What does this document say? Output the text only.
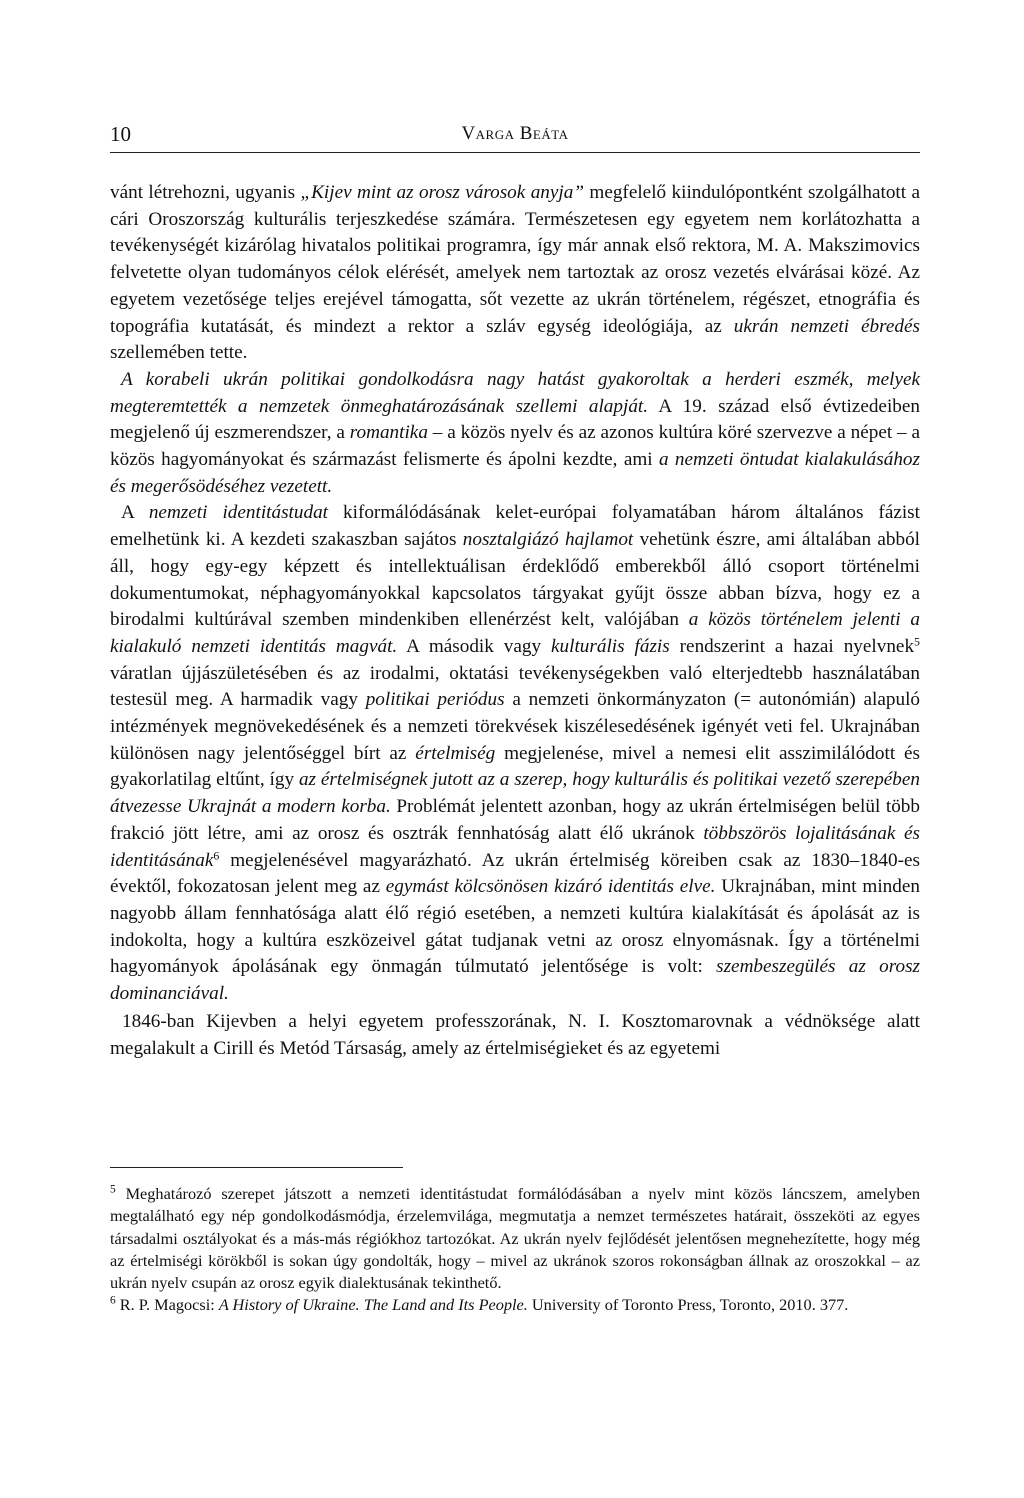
10	Varga Beáta

vánt létrehozni, ugyanis „Kijev mint az orosz városok anyja” megfelelő kiindulópontként szolgálhatott a cári Oroszország kulturális terjeszkedése számára. Természetesen egy egyetem nem korlátozhatta a tevékenységét kizárólag hivatalos politikai programra, így már annak első rektora, M. A. Makszimovics felvetette olyan tudományos célok elérését, amelyek nem tartoztak az orosz vezetés elvárásai közé. Az egyetem vezetősége teljes erejével támogatta, sőt vezette az ukrán történelem, régészet, etnográfia és topográfia kutatását, és mindezt a rektor a szláv egység ideológiája, az ukrán nemzeti ébredés szellemében tette.

A korabeli ukrán politikai gondolkodásra nagy hatást gyakoroltak a herderi eszmék, melyek megteremtették a nemzetek önmeghatározásának szellemi alapját. A 19. század első évtizedeiben megjelenő új eszmerendszer, a romantika – a közös nyelv és az azonos kultúra köré szervezve a népet – a közös hagyományokat és származást felismerte és ápolni kezdte, ami a nemzeti öntudat kialakulásához és megerősödéséhez vezetett.

A nemzeti identitástudat kiformálódásának kelet-európai folyamatában három általános fázist emelhetünk ki. A kezdeti szakaszban sajátos nosztalgiázó hajlamot vehetünk észre, ami általában abból áll, hogy egy-egy képzett és intellektuálisan érdeklődő emberekből álló csoport történelmi dokumentumokat, néphagyományokkal kapcsolatos tárgyakat gyűjt össze abban bízva, hogy ez a birodalmi kultúrával szemben mindenkiben ellenérzést kelt, valójában a közös történelem jelenti a kialakuló nemzeti identitás magvát. A második vagy kulturális fázis rendszerint a hazai nyelvnek$^5$ váratlan újjászületésében és az irodalmi, oktatási tevékenységekben való elterjedtebb használatában testesül meg. A harmadik vagy politikai periódus a nemzeti önkormányzaton (= autonómián) alapuló intézmények megnövekedésének és a nemzeti törekvések kiszélesedésének igényét veti fel. Ukrajnában különösen nagy jelentőséggel bírt az értelmiség megjelenése, mivel a nemesi elit asszimilálódott és gyakorlatilag eltűnt, így az értelmiségnek jutott az a szerep, hogy kulturális és politikai vezető szerepében átvezesse Ukrajnát a modern korba. Problémát jelentett azonban, hogy az ukrán értelmiségen belül több frakció jött létre, ami az orosz és osztrák fennhatóság alatt élő ukránok többszörös lojalitásának és identitásának$^6$ megjelenésével magyarázható. Az ukrán értelmiség köreiben csak az 1830–1840-es évektől, fokozatosan jelent meg az egymást kölcsönösen kizáró identitás elve. Ukrajnában, mint minden nagyobb állam fennhatósága alatt élő régió esetében, a nemzeti kultúra kialakítását és ápolását az is indokolta, hogy a kultúra eszközeivel gátat tudjanak vetni az orosz elnyomásnak. Így a történelmi hagyományok ápolásának egy önmagán túlmutató jelentősége is volt: szembeszegülés az orosz dominanciával.

1846-ban Kijevben a helyi egyetem professzorának, N. I. Kosztomarovnak a védnöksége alatt megalakult a Cirill és Metód Társaság, amely az értelmiségieket és az egyetemi

$^5$ Meghatározó szerepet játszott a nemzeti identitástudat formálódásában a nyelv mint közös láncszem, amelyben megtalálható egy nép gondolkodásmódja, érzelemvilága, megmutatja a nemzet természetes határait, összeköti az egyes társadalmi osztályokat és a más-más régiókhoz tartozókat. Az ukrán nyelv fejlődését jelentősen megnehezítette, hogy még az értelmiségi körökből is sokan úgy gondolták, hogy – mivel az ukránok szoros rokonságban állnak az oroszokkal – az ukrán nyelv csupán az orosz egyik dialektusának tekinthető.

$^6$ R. P. Magocsi: A History of Ukraine. The Land and Its People. University of Toronto Press, Toronto, 2010. 377.
